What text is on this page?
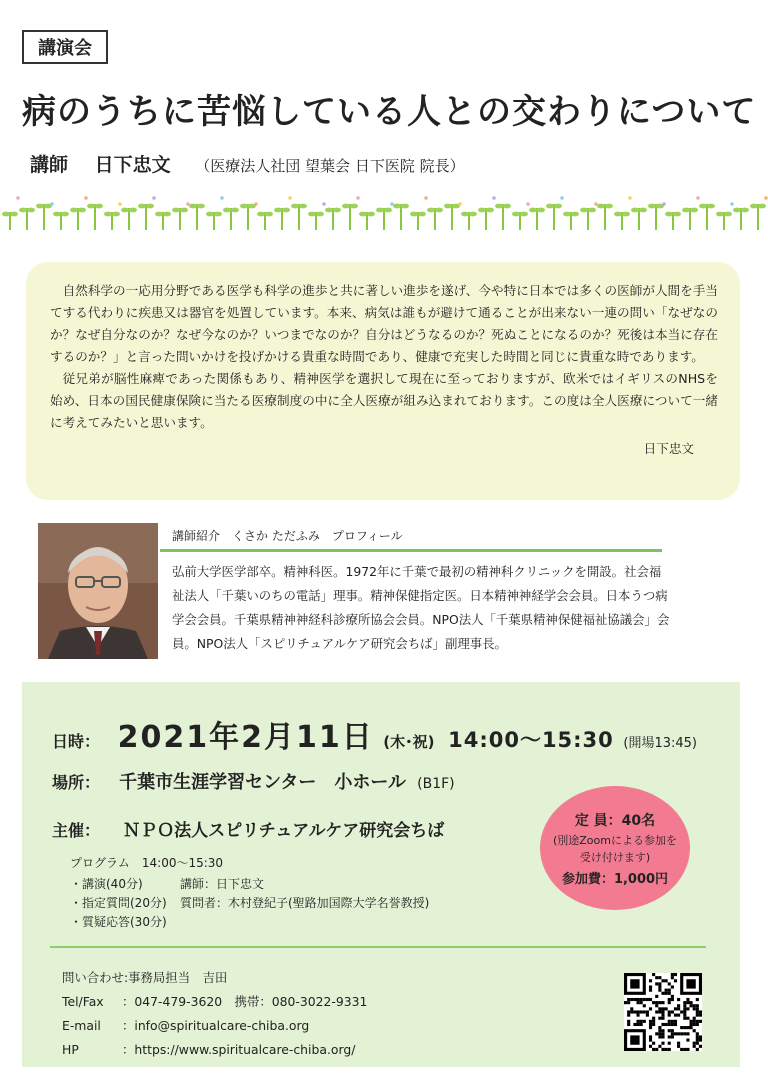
講演会
病のうちに苦悩している人との交わりについて
講師 日下忠文 （医療法人社団 望葉会 日下医院 院長）

自然科学の一応用分野である医学も科学の進歩と共に著しい進歩を遂げ、今や特に日本では多くの医師が人間を手当てする代わりに疾患又は器官を処置しています。本来、病気は誰もが避けて通ることが出来ない一連の問い「なぜなのか？なぜ自分なのか？なぜ今なのか？いつまでなのか？自分はどうなるのか？死ぬことになるのか？死後は本当に存在するのか？」と言った問いかけを投げかける貴重な時間であり、健康で充実した時間と同じに貴重な時であります。

従兄弟が脳性麻痺であった関係もあり、精神医学を選択して現在に至っておりますが、欧米ではイギリスのNHSを始め、日本の国民健康保険に当たる医療制度の中に全人医療が組み込まれております。この度は全人医療について一緒に考えてみたいと思います。

日下忠文
講師紹介　くさか ただふみ　プロフィール
弘前大学医学部卒。精神科医。1972年に千葉で最初の精神科クリニックを開設。社会福祉法人「千葉いのちの電話」理事。精神保健指定医。日本精神神経学会会員。日本うつ病学会会員。千葉県精神神経科診療所協会会員。NPO法人「千葉県精神保健福祉協議会」会員。NPO法人「スピリチュアルケア研究会ちば」副理事長。
日時： 2021年2月11日 (木･祝) 14:00～15:30 (開場13:45)
場所： 千葉市生涯学習センター　小ホール (B1F)
主催： ＮＰＯ法人スピリチュアルケア研究会ちば
定 員：40名
(別途Zoomによる参加を
受け付けます)
参加費：1,000円
プログラム　14:00～15:30
・講演(40分)	講師：日下忠文
・指定質問(20分)	質問者：木村登紀子(聖路加国際大学名誉教授)
・質疑応答(30分)
問い合わせ:事務局担当　吉田
Tel/Fax	：047-479-3620　携帯：080-3022-9331
E-mail	：info@spiritualcare-chiba.org
HP	：https://www.spiritualcare-chiba.org/
